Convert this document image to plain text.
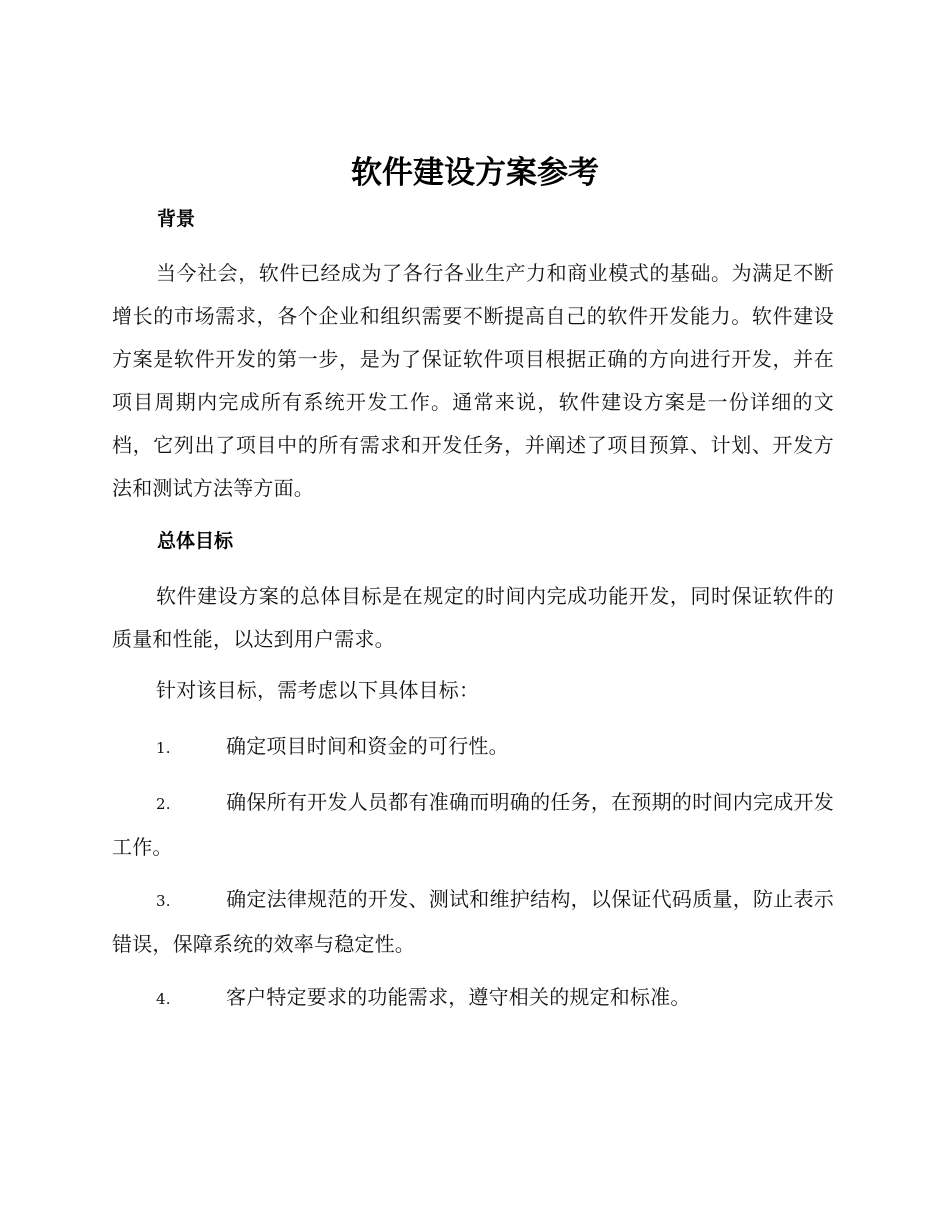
软件建设方案参考
背景

当今社会，软件已经成为了各行各业生产力和商业模式的基础。为满足不断增长的市场需求，各个企业和组织需要不断提高自己的软件开发能力。软件建设方案是软件开发的第一步，是为了保证软件项目根据正确的方向进行开发，并在项目周期内完成所有系统开发工作。通常来说，软件建设方案是一份详细的文档，它列出了项目中的所有需求和开发任务，并阐述了项目预算、计划、开发方法和测试方法等方面。

总体目标

软件建设方案的总体目标是在规定的时间内完成功能开发，同时保证软件的质量和性能，以达到用户需求。

针对该目标，需考虑以下具体目标：

1.	确定项目时间和资金的可行性。
2.	确保所有开发人员都有准确而明确的任务，在预期的时间内完成开发工作。
3.	确定法律规范的开发、测试和维护结构，以保证代码质量，防止表示错误，保障系统的效率与稳定性。
4.	客户特定要求的功能需求，遵守相关的规定和标准。
